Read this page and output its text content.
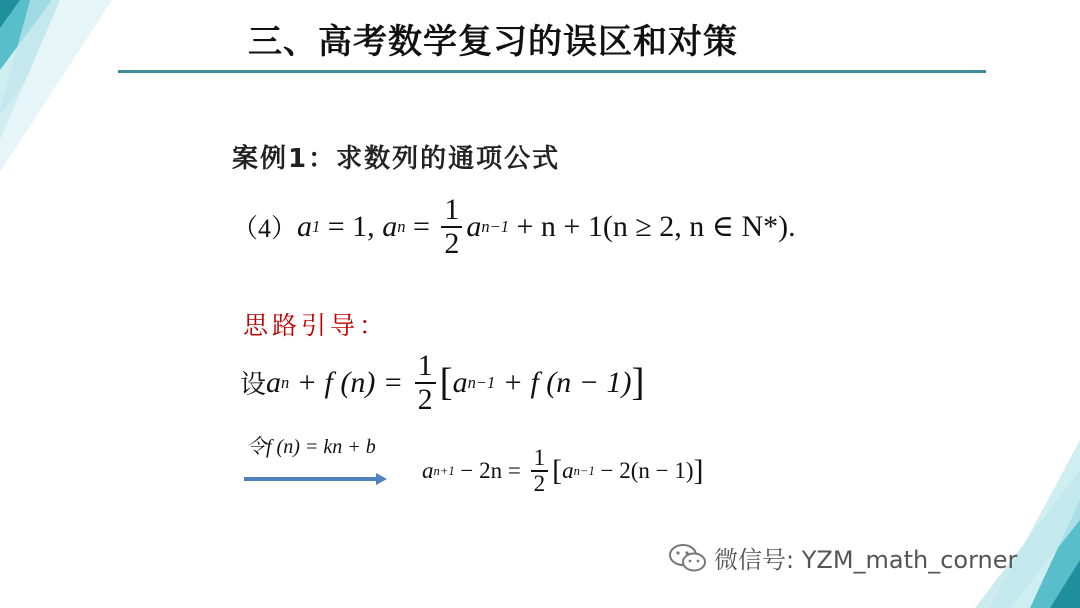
三、高考数学复习的误区和对策
案例1：求数列的通项公式
（4） a 1 = 1, a $n = \frac{1}{2}$ a n−1 + n + 1(n ≥ 2, n ∈ N*).
思路引导：
设 a n + f $(n) = \frac{1}{2}$ [ a n−1 + f (n − 1) ]
令f (n) = kn + b
a $n+1 - 2n = \frac{1}{2}$ [ a n−1 − 2(n − 1) ]
微信号: YZM_math_corner
